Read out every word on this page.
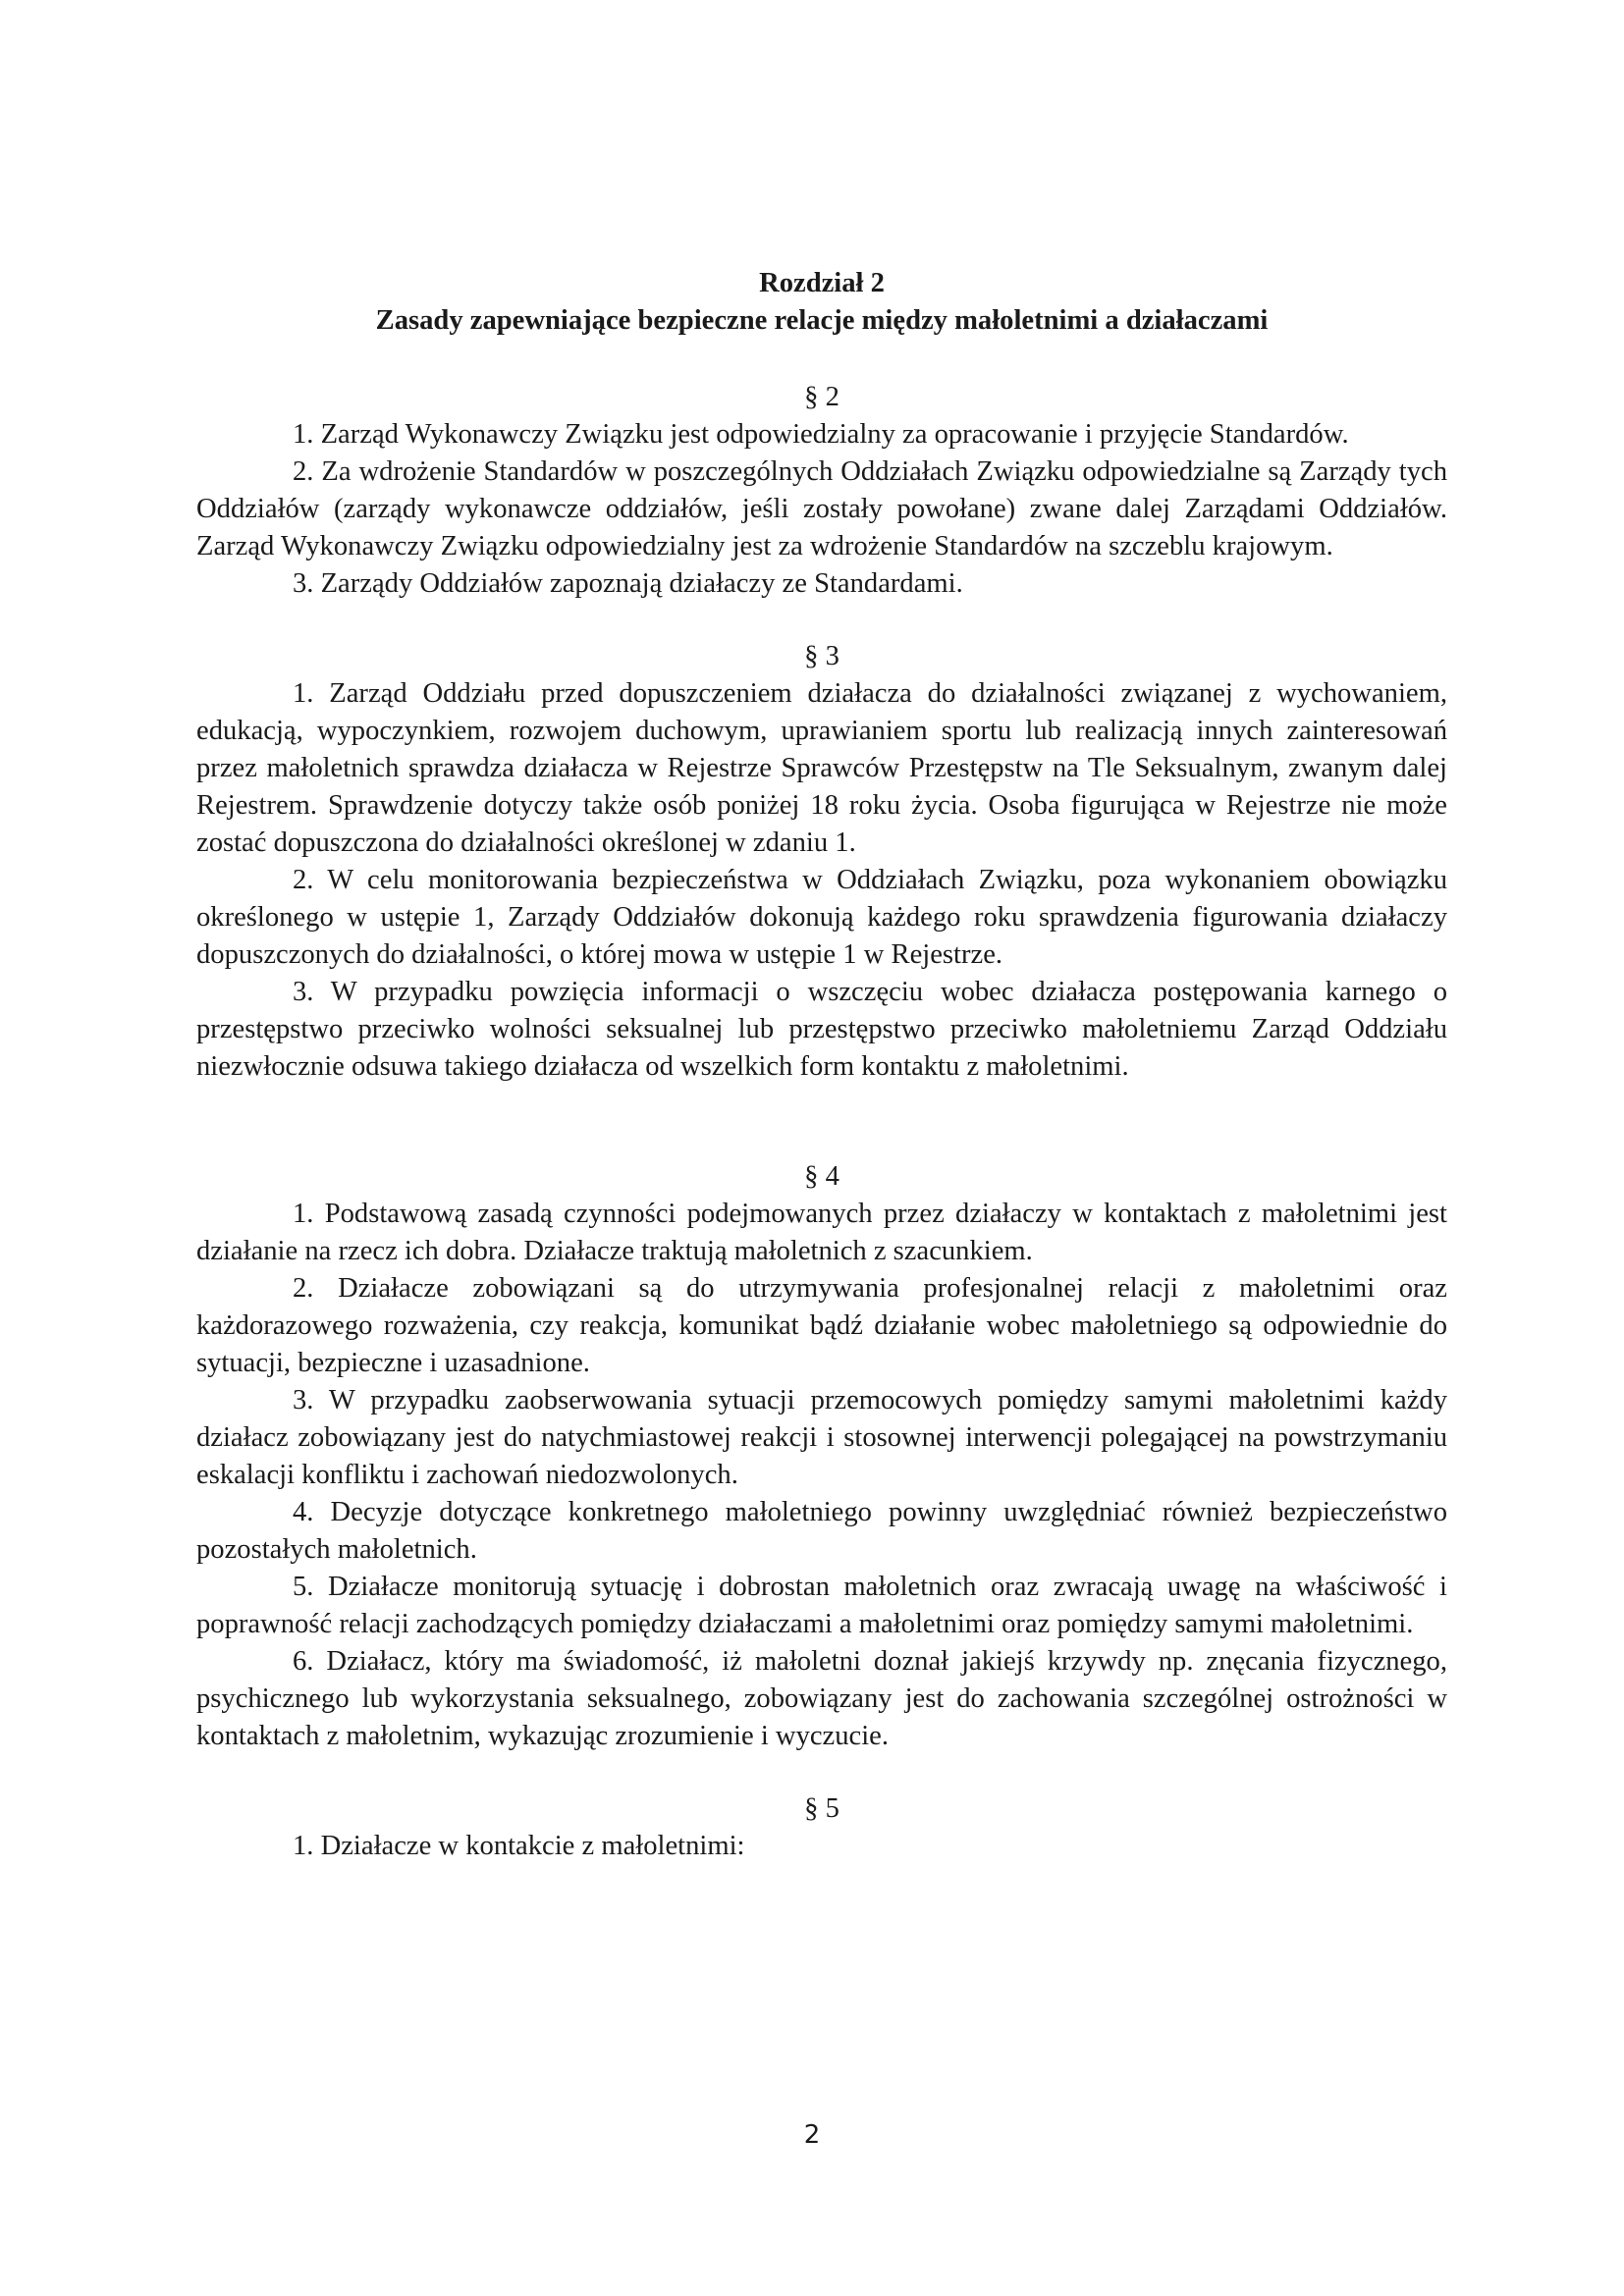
Rozdział 2

Zasady zapewniające bezpieczne relacje między małoletnimi a działaczami

§ 2

1. Zarząd Wykonawczy Związku jest odpowiedzialny za opracowanie i przyjęcie Standardów.

2. Za wdrożenie Standardów w poszczególnych Oddziałach Związku odpowiedzialne są Zarządy tych Oddziałów (zarządy wykonawcze oddziałów, jeśli zostały powołane) zwane dalej Zarządami Oddziałów. Zarząd Wykonawczy Związku odpowiedzialny jest za wdrożenie Standardów na szczeblu krajowym.

3. Zarządy Oddziałów zapoznają działaczy ze Standardami.

§ 3

1. Zarząd Oddziału przed dopuszczeniem działacza do działalności związanej z wychowaniem, edukacją, wypoczynkiem, rozwojem duchowym, uprawianiem sportu lub realizacją innych zainteresowań przez małoletnich sprawdza działacza w Rejestrze Sprawców Przestępstw na Tle Seksualnym, zwanym dalej Rejestrem. Sprawdzenie dotyczy także osób poniżej 18 roku życia. Osoba figurująca w Rejestrze nie może zostać dopuszczona do działalności określonej w zdaniu 1.

2. W celu monitorowania bezpieczeństwa w Oddziałach Związku, poza wykonaniem obowiązku określonego w ustępie 1, Zarządy Oddziałów dokonują każdego roku sprawdzenia figurowania działaczy dopuszczonych do działalności, o której mowa w ustępie 1 w Rejestrze.

3. W przypadku powzięcia informacji o wszczęciu wobec działacza postępowania karnego o przestępstwo przeciwko wolności seksualnej lub przestępstwo przeciwko małoletniemu Zarząd Oddziału niezwłocznie odsuwa takiego działacza od wszelkich form kontaktu z małoletnimi.

§ 4

1. Podstawową zasadą czynności podejmowanych przez działaczy w kontaktach z małoletnimi jest działanie na rzecz ich dobra. Działacze traktują małoletnich z szacunkiem.

2. Działacze zobowiązani są do utrzymywania profesjonalnej relacji z małoletnimi oraz każdorazowego rozważenia, czy reakcja, komunikat bądź działanie wobec małoletniego są odpowiednie do sytuacji, bezpieczne i uzasadnione.

3. W przypadku zaobserwowania sytuacji przemocowych pomiędzy samymi małoletnimi każdy działacz zobowiązany jest do natychmiastowej reakcji i stosownej interwencji polegającej na powstrzymaniu eskalacji konfliktu i zachowań niedozwolonych.

4. Decyzje dotyczące konkretnego małoletniego powinny uwzględniać również bezpieczeństwo pozostałych małoletnich.

5. Działacze monitorują sytuację i dobrostan małoletnich oraz zwracają uwagę na właściwość i poprawność relacji zachodzących pomiędzy działaczami a małoletnimi oraz pomiędzy samymi małoletnimi.

6. Działacz, który ma świadomość, iż małoletni doznał jakiejś krzywdy np. znęcania fizycznego, psychicznego lub wykorzystania seksualnego, zobowiązany jest do zachowania szczególnej ostrożności w kontaktach z małoletnim, wykazując zrozumienie i wyczucie.

§ 5

1. Działacze w kontakcie z małoletnimi:

2
